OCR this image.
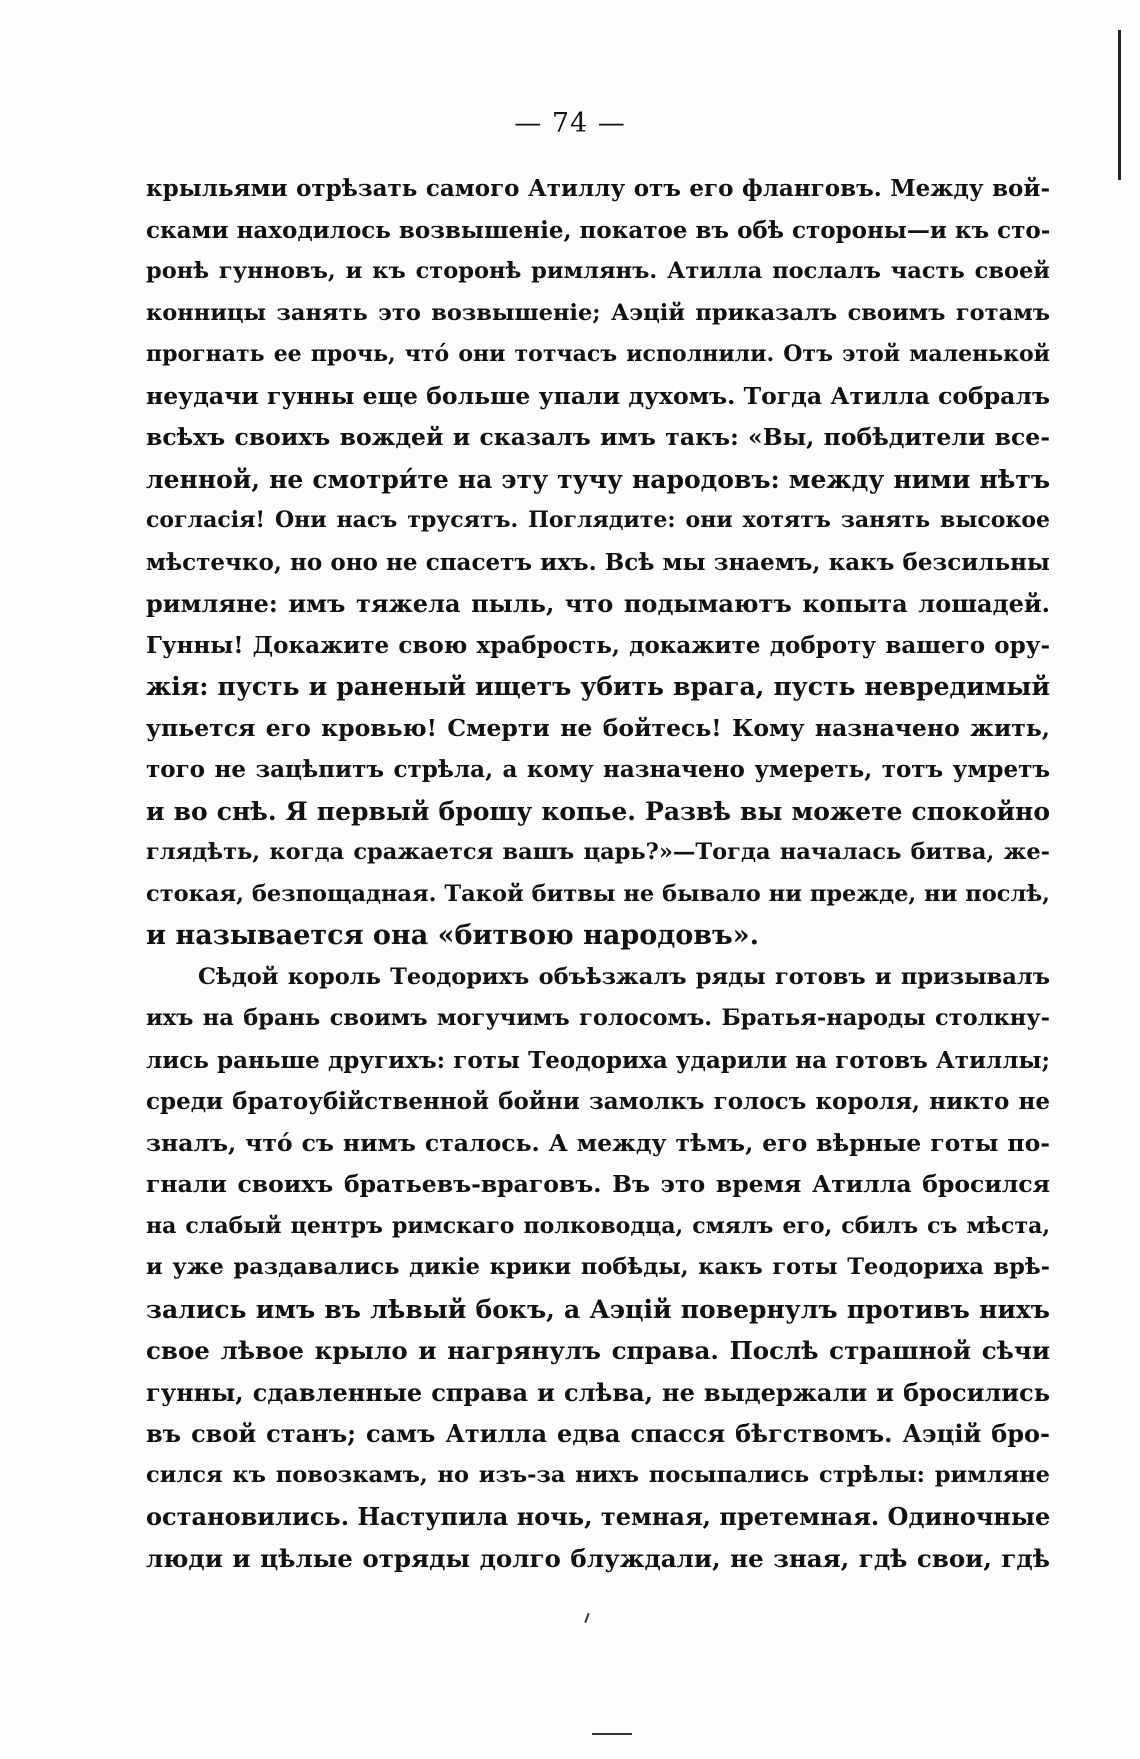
— 74 —
крыльями отрѣзать самого Атиллу отъ его фланговъ. Между вой-
сками находилось возвышеніе, покатое въ обѣ стороны—и къ сто-
ронѣ гунновъ, и къ сторонѣ римлянъ. Атилла послалъ часть своей
конницы занять это возвышеніе; Аэцій приказалъ своимъ готамъ
прогнать ее прочь, что́ они тотчасъ исполнили. Отъ этой маленькой
неудачи гунны еще больше упали духомъ. Тогда Атилла собралъ
всѣхъ своихъ вождей и сказалъ имъ такъ: «Вы, побѣдители все-
ленной, не смотри́те на эту тучу народовъ: между ними нѣтъ
согласія! Они насъ трусятъ. Поглядите: они хотятъ занять высокое
мѣстечко, но оно не спасетъ ихъ. Всѣ мы знаемъ, какъ безсильны
римляне: имъ тяжела пыль, что подымаютъ копыта лошадей.
Гунны! Докажите свою храбрость, докажите доброту вашего ору-
жія: пусть и раненый ищетъ убить врага, пусть невредимый
упьется его кровью! Смерти не бойтесь! Кому назначено жить,
того не зацѣпитъ стрѣла, а кому назначено умереть, тотъ умретъ
и во снѣ. Я первый брошу копье. Развѣ вы можете спокойно
глядѣть, когда сражается вашъ царь?»—Тогда началась битва, же-
стокая, безпощадная. Такой битвы не бывало ни прежде, ни послѣ,
и называется она «битвою народовъ».
Сѣдой король Теодорихъ объѣзжалъ ряды готовъ и призывалъ
ихъ на брань своимъ могучимъ голосомъ. Братья-народы столкну-
лись раньше другихъ: готы Теодориха ударили на готовъ Атиллы;
среди братоубійственной бойни замолкъ голосъ короля, никто не
зналъ, что́ съ нимъ сталось. А между тѣмъ, его вѣрные готы по-
гнали своихъ братьевъ-враговъ. Въ это время Атилла бросился
на слабый центръ римскаго полководца, смялъ его, сбилъ съ мѣста,
и уже раздавались дикіе крики побѣды, какъ готы Теодориха врѣ-
зались имъ въ лѣвый бокъ, а Аэцій повернулъ противъ нихъ
свое лѣвое крыло и нагрянулъ справа. Послѣ страшной сѣчи
гунны, сдавленные справа и слѣва, не выдержали и бросились
въ свой станъ; самъ Атилла едва спасся бѣгствомъ. Аэцій бро-
сился къ повозкамъ, но изъ-за нихъ посыпались стрѣлы: римляне
остановились. Наступила ночь, темная, претемная. Одиночные
люди и цѣлые отряды долго блуждали, не зная, гдѣ свои, гдѣ
